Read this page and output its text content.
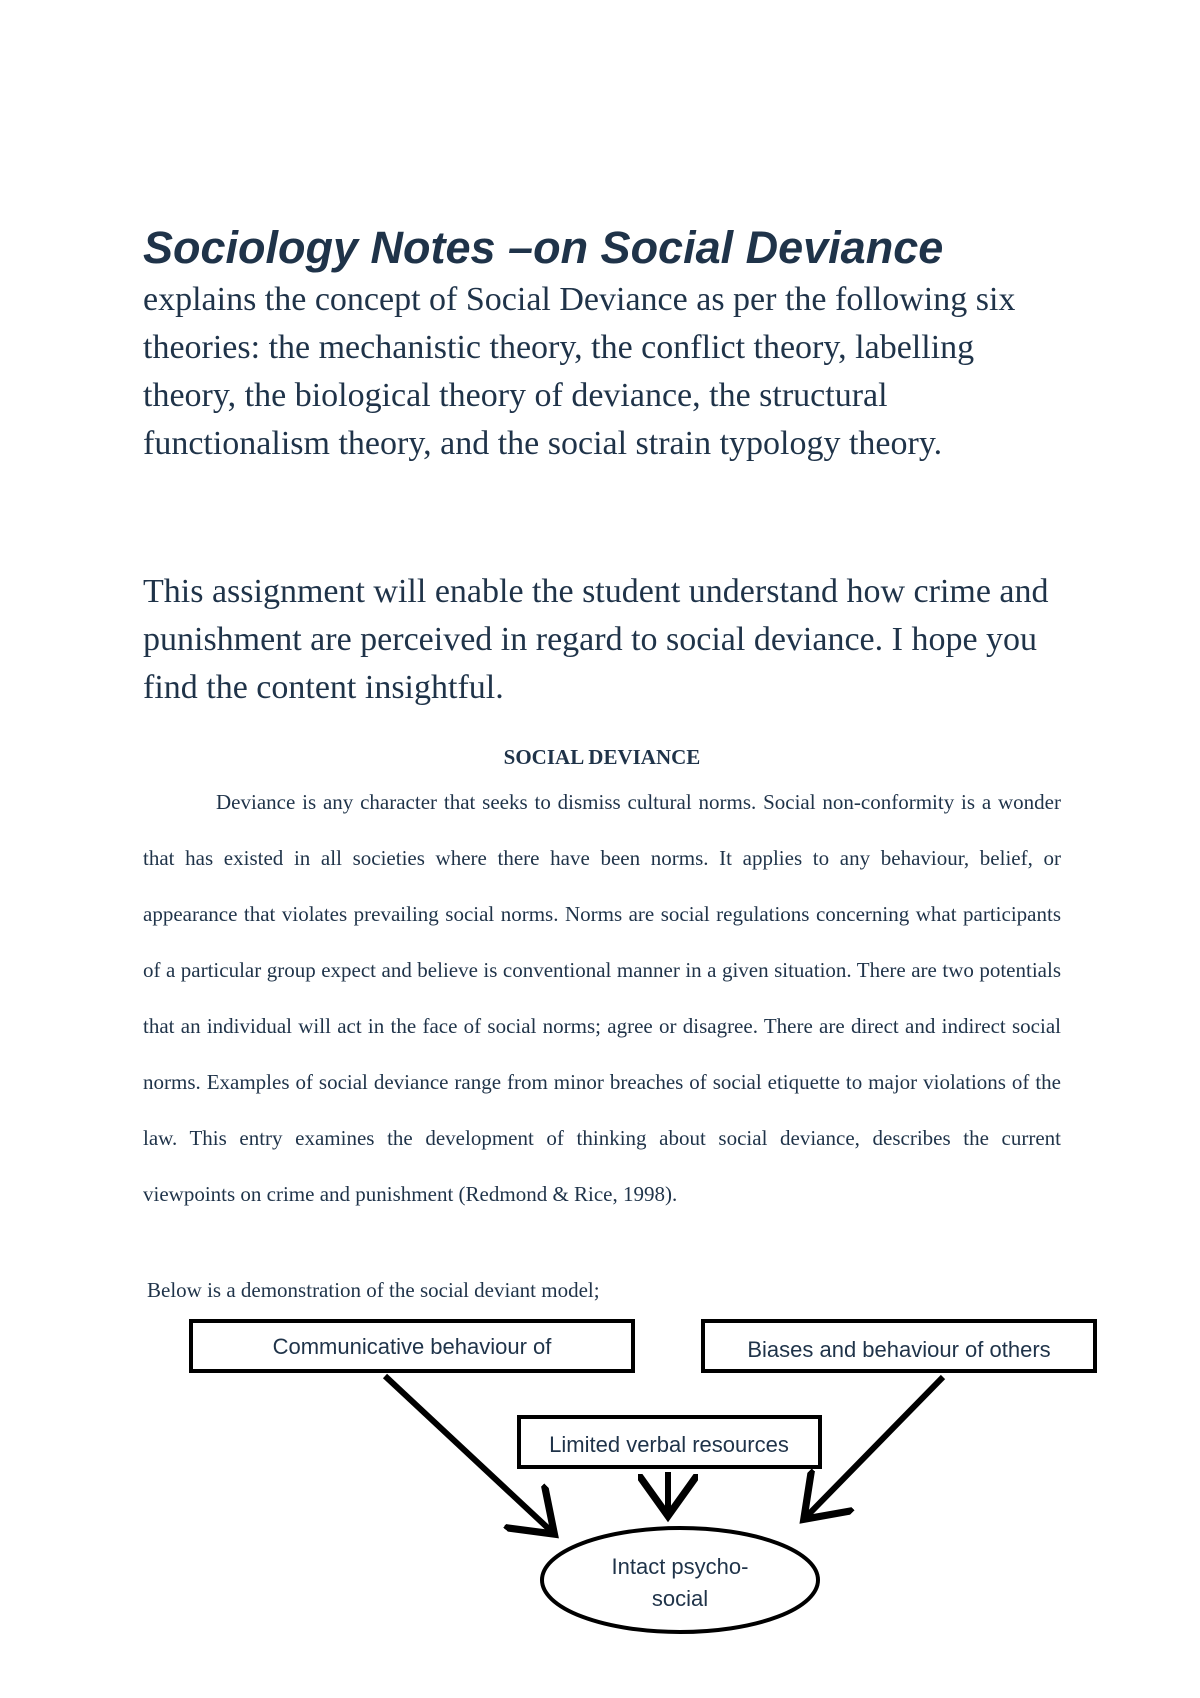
Sociology Notes –on Social Deviance

explains the concept of Social Deviance as per the following six theories: the mechanistic theory, the conflict theory, labelling theory, the biological theory of deviance, the structural functionalism theory, and the social strain typology theory.

This assignment will enable the student understand how crime and punishment are perceived in regard to social deviance. I hope you find the content insightful.

SOCIAL DEVIANCE

Deviance is any character that seeks to dismiss cultural norms. Social non-conformity is a wonder that has existed in all societies where there have been norms. It applies to any behaviour, belief, or appearance that violates prevailing social norms. Norms are social regulations concerning what participants of a particular group expect and believe is conventional manner in a given situation. There are two potentials that an individual will act in the face of social norms; agree or disagree. There are direct and indirect social norms. Examples of social deviance range from minor breaches of social etiquette to major violations of the law. This entry examines the development of thinking about social deviance, describes the current viewpoints on crime and punishment (Redmond & Rice, 1998).

Below is a demonstration of the social deviant model;
Communicative behaviour of	Biases and behaviour of others
Limited verbal resources
Intact psycho-
social
